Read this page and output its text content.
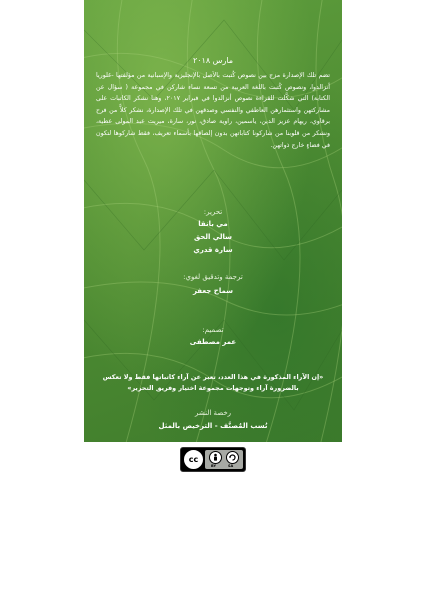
مارس ٢٠١٨
تضم تلك الإصدارة مزج بين نصوص كُتبت بالأصل بالإنجليزية والإسبانية من مؤلفتها -غلوريا أنزالدوا، ونصوص كُتبت باللغة العربية من تسعة نساء شاركن في مجموعة ( سؤال عن الكتابة) التي شكَّلت للقراءة نصوص أنزالدوا في فبراير ٢٠١٧، وهنا نشكر الكاتبات على مشاركتهن واستثمارهن العاطفي والنفسي وصدقهن في تلك الإصدارة، نشكر كلاًّ من فرح برقاوي، ريهام عزيز الدين، ياسمين، راوية صادق، نور، سارة، ميريت عبد المولى عطية، ونشكر من قلوبنا من شاركونا كتاباتهن بدون إلصاقها بأسماء تعريف، فقط شاركوها لتكون في فضاءٍ خارج ذواتهن.
تحرير:
مي بانقا
سالي الحق
سارة قدري
ترجمة وتدقيق لغوي:
سماح جعفر
تصميم:
عمر مصطفى
«إن الآراء المذكورة في هذا العدد، تعبر عن آراء كاتباتها فقط ولا تعكس بالضرورة آراء وتوجهات مجموعة اختيار وفريق التحرير»
رخصة النشر
نُسب المُصنَّف - الترخيص بالمثل
cc
BY	SA
